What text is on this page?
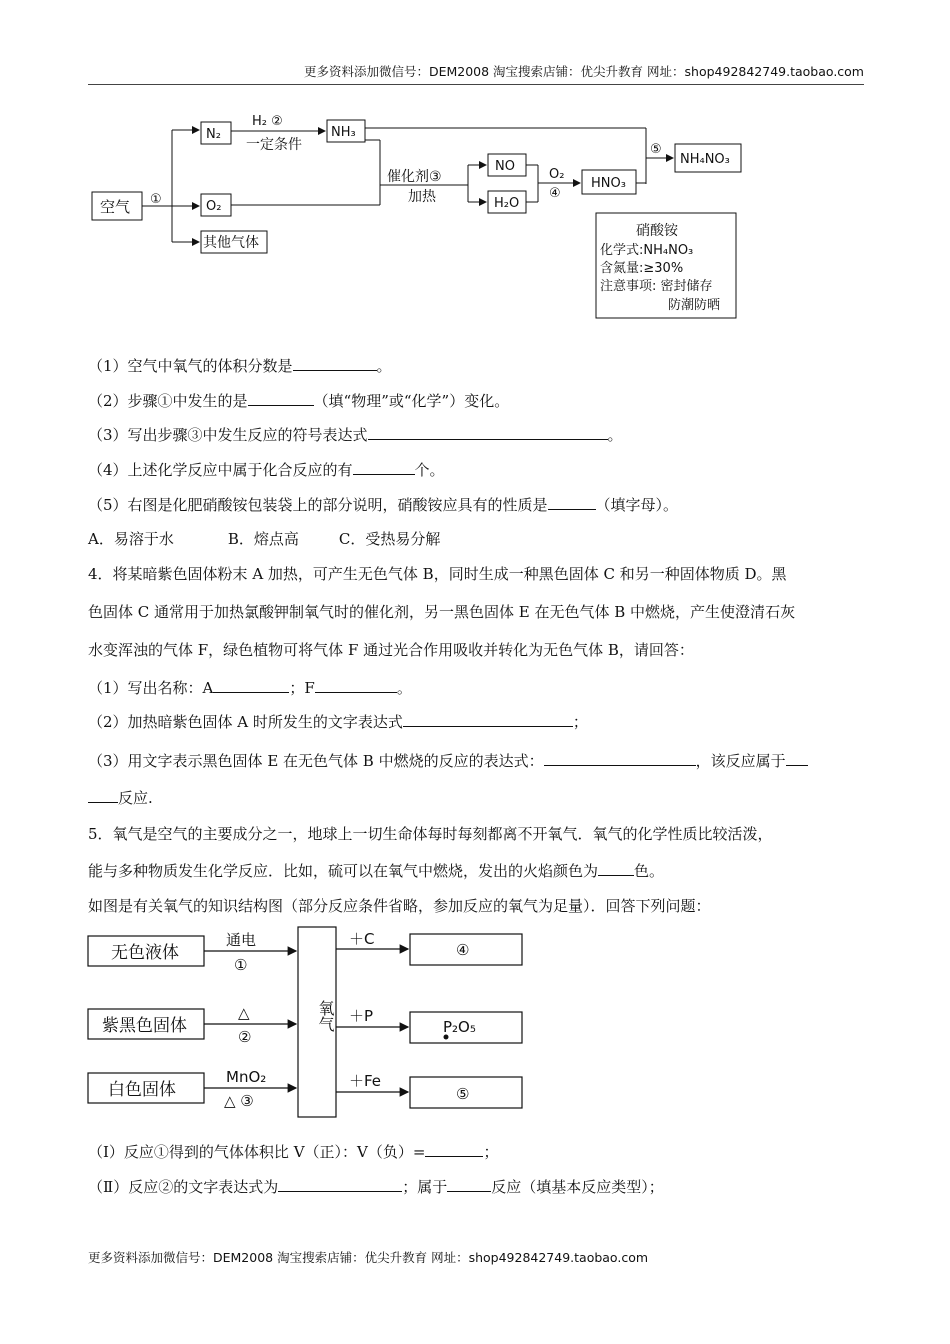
更多资料添加微信号：DEM2008 淘宝搜索店铺：优尖升教育 网址：shop492842749.taobao.com
空气 ①
N₂
O₂
其他气体
H₂ ②
一定条件
NH₃
催化剂③
加热
NO
H₂O
O₂
④
HNO₃
⑤
NH₄NO₃
硝酸铵
化学式:NH₄NO₃
含氮量:≥30%
注意事项: 密封储存
防潮防晒
（1）空气中氧气的体积分数是	。
（2）步骤①中发生的是	（填“物理”或“化学”）变化。
（3）写出步骤③中发生反应的符号表达式	。
（4）上述化学反应中属于化合反应的有	个。
（5）右图是化肥硝酸铵包装袋上的部分说明，硝酸铵应具有的性质是	（填字母）。
A．易溶于水	B．熔点高	C．受热易分解
4．将某暗紫色固体粉末 A 加热，可产生无色气体 B，同时生成一种黑色固体 C 和另一种固体物质 D。黑
色固体 C 通常用于加热氯酸钾制氧气时的催化剂，另一黑色固体 E 在无色气体 B 中燃烧，产生使澄清石灰
水变浑浊的气体 F，绿色植物可将气体 F 通过光合作用吸收并转化为无色气体 B，请回答：
（1）写出名称：A	；F	。
（2）加热暗紫色固体 A 时所发生的文字表达式	；
（3）用文字表示黑色固体 E 在无色气体 B 中燃烧的反应的表达式：	，该反应属于
反应.
5．氧气是空气的主要成分之一，地球上一切生命体每时每刻都离不开氧气．氧气的化学性质比较活泼，
能与多种物质发生化学反应．比如，硫可以在氧气中燃烧，发出的火焰颜色为 色。
如图是有关氧气的知识结构图（部分反应条件省略，参加反应的氧气为足量）．回答下列问题：
无色液体
通电
①
紫黑色固体
△
②
白色固体
MnO₂
△ ③
＋C
④
＋P
P₂O₅
＋Fe
⑤
氧气
（Ⅰ）反应①得到的气体体积比 V（正）：V（负）=	；
（Ⅱ）反应②的文字表达式为	；属于	反应（填基本反应类型）；
更多资料添加微信号：DEM2008 淘宝搜索店铺：优尖升教育 网址：shop492842749.taobao.com
